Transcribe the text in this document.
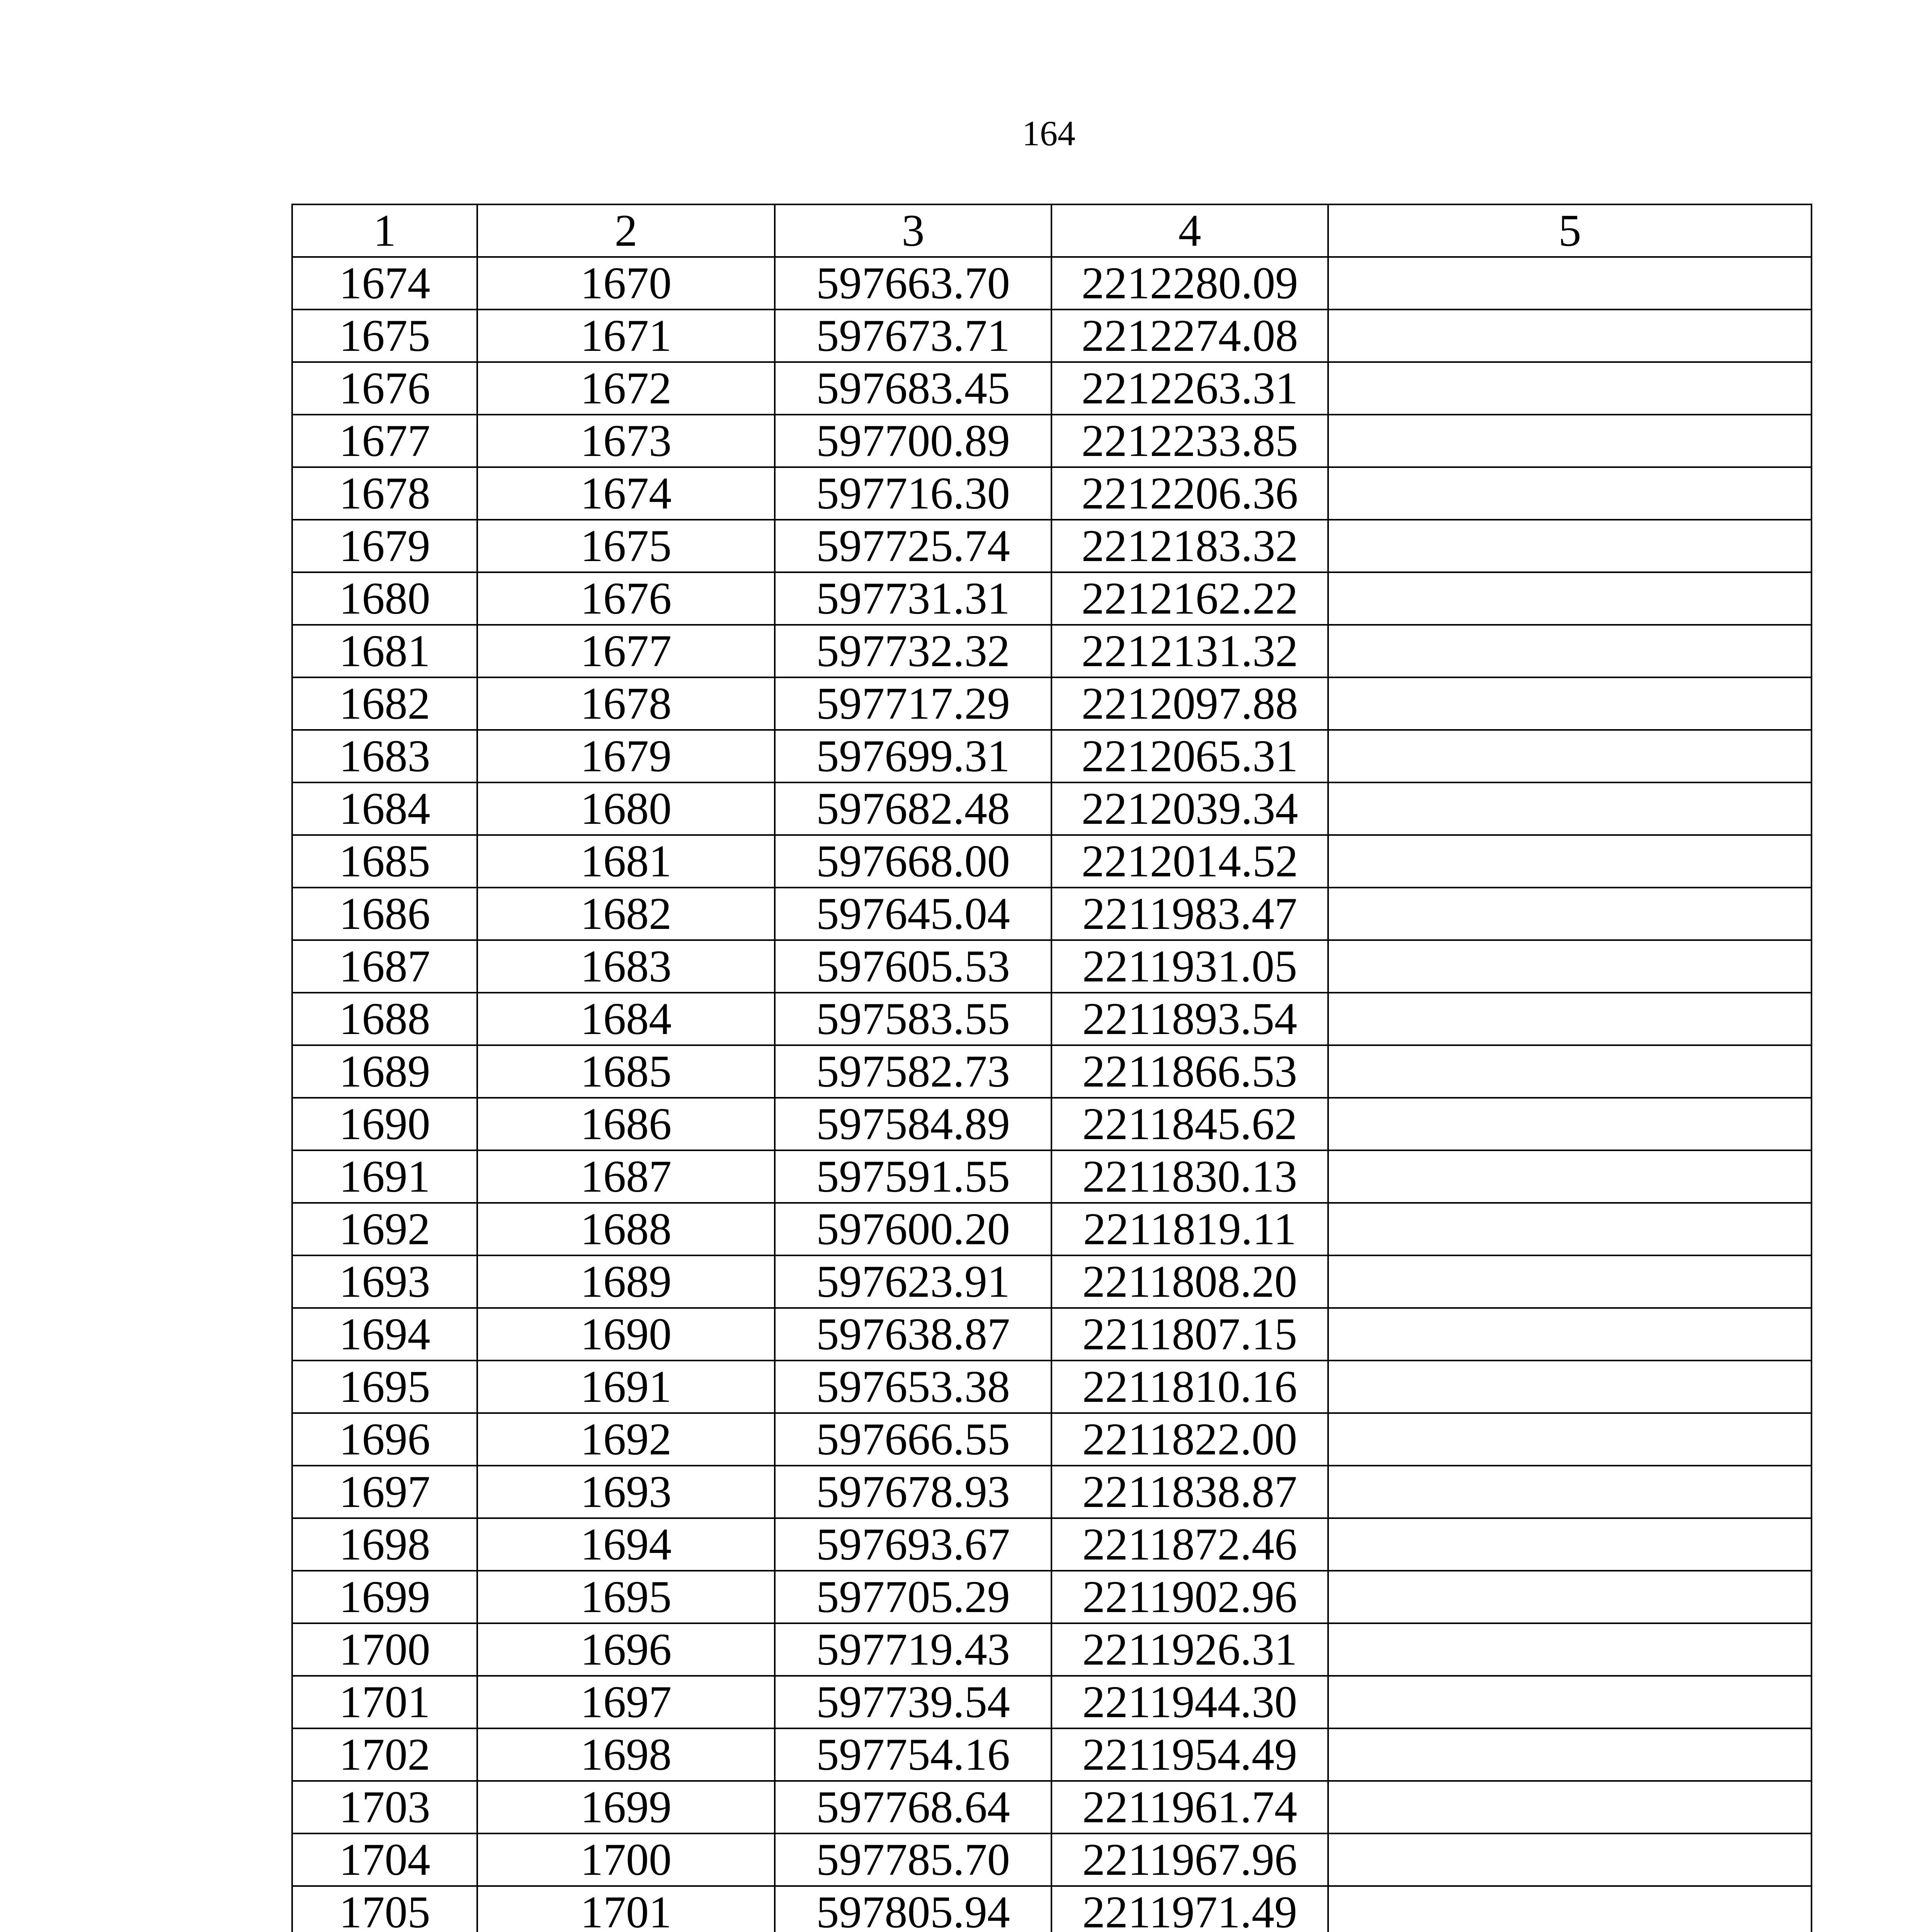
164
1	2	3	4	5
1674	1670	597663.70	2212280.09	
1675	1671	597673.71	2212274.08	
1676	1672	597683.45	2212263.31	
1677	1673	597700.89	2212233.85	
1678	1674	597716.30	2212206.36	
1679	1675	597725.74	2212183.32	
1680	1676	597731.31	2212162.22	
1681	1677	597732.32	2212131.32	
1682	1678	597717.29	2212097.88	
1683	1679	597699.31	2212065.31	
1684	1680	597682.48	2212039.34	
1685	1681	597668.00	2212014.52	
1686	1682	597645.04	2211983.47	
1687	1683	597605.53	2211931.05	
1688	1684	597583.55	2211893.54	
1689	1685	597582.73	2211866.53	
1690	1686	597584.89	2211845.62	
1691	1687	597591.55	2211830.13	
1692	1688	597600.20	2211819.11	
1693	1689	597623.91	2211808.20	
1694	1690	597638.87	2211807.15	
1695	1691	597653.38	2211810.16	
1696	1692	597666.55	2211822.00	
1697	1693	597678.93	2211838.87	
1698	1694	597693.67	2211872.46	
1699	1695	597705.29	2211902.96	
1700	1696	597719.43	2211926.31	
1701	1697	597739.54	2211944.30	
1702	1698	597754.16	2211954.49	
1703	1699	597768.64	2211961.74	
1704	1700	597785.70	2211967.96	
1705	1701	597805.94	2211971.49	
